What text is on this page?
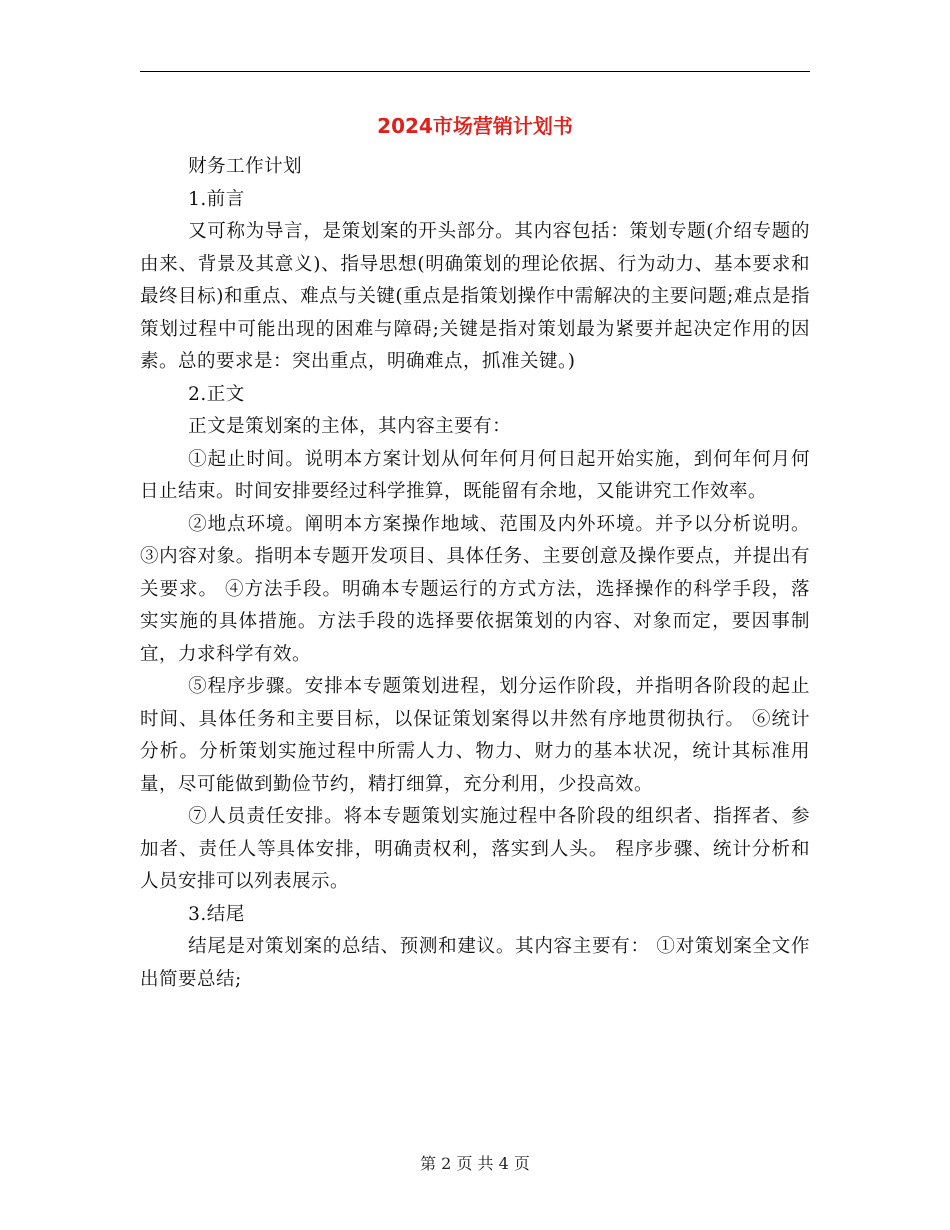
2024市场营销计划书

财务工作计划

1.前言

又可称为导言，是策划案的开头部分。其内容包括：策划专题(介绍专题的由来、背景及其意义)、指导思想(明确策划的理论依据、行为动力、基本要求和最终目标)和重点、难点与关键(重点是指策划操作中需解决的主要问题;难点是指策划过程中可能出现的困难与障碍;关键是指对策划最为紧要并起决定作用的因素。总的要求是：突出重点，明确难点，抓准关键。)

2.正文

正文是策划案的主体，其内容主要有：

①起止时间。说明本方案计划从何年何月何日起开始实施，到何年何月何日止结束。时间安排要经过科学推算，既能留有余地，又能讲究工作效率。

②地点环境。阐明本方案操作地域、范围及内外环境。并予以分析说明。 ③内容对象。指明本专题开发项目、具体任务、主要创意及操作要点，并提出有关要求。 ④方法手段。明确本专题运行的方式方法，选择操作的科学手段，落实实施的具体措施。方法手段的选择要依据策划的内容、对象而定，要因事制宜，力求科学有效。

⑤程序步骤。安排本专题策划进程，划分运作阶段，并指明各阶段的起止时间、具体任务和主要目标，以保证策划案得以井然有序地贯彻执行。 ⑥统计分析。分析策划实施过程中所需人力、物力、财力的基本状况，统计其标准用量，尽可能做到勤俭节约，精打细算，充分利用，少投高效。

⑦人员责任安排。将本专题策划实施过程中各阶段的组织者、指挥者、参加者、责任人等具体安排，明确责权利，落实到人头。 程序步骤、统计分析和人员安排可以列表展示。

3.结尾

结尾是对策划案的总结、预测和建议。其内容主要有： ①对策划案全文作出简要总结;

第 2 页 共 4 页
